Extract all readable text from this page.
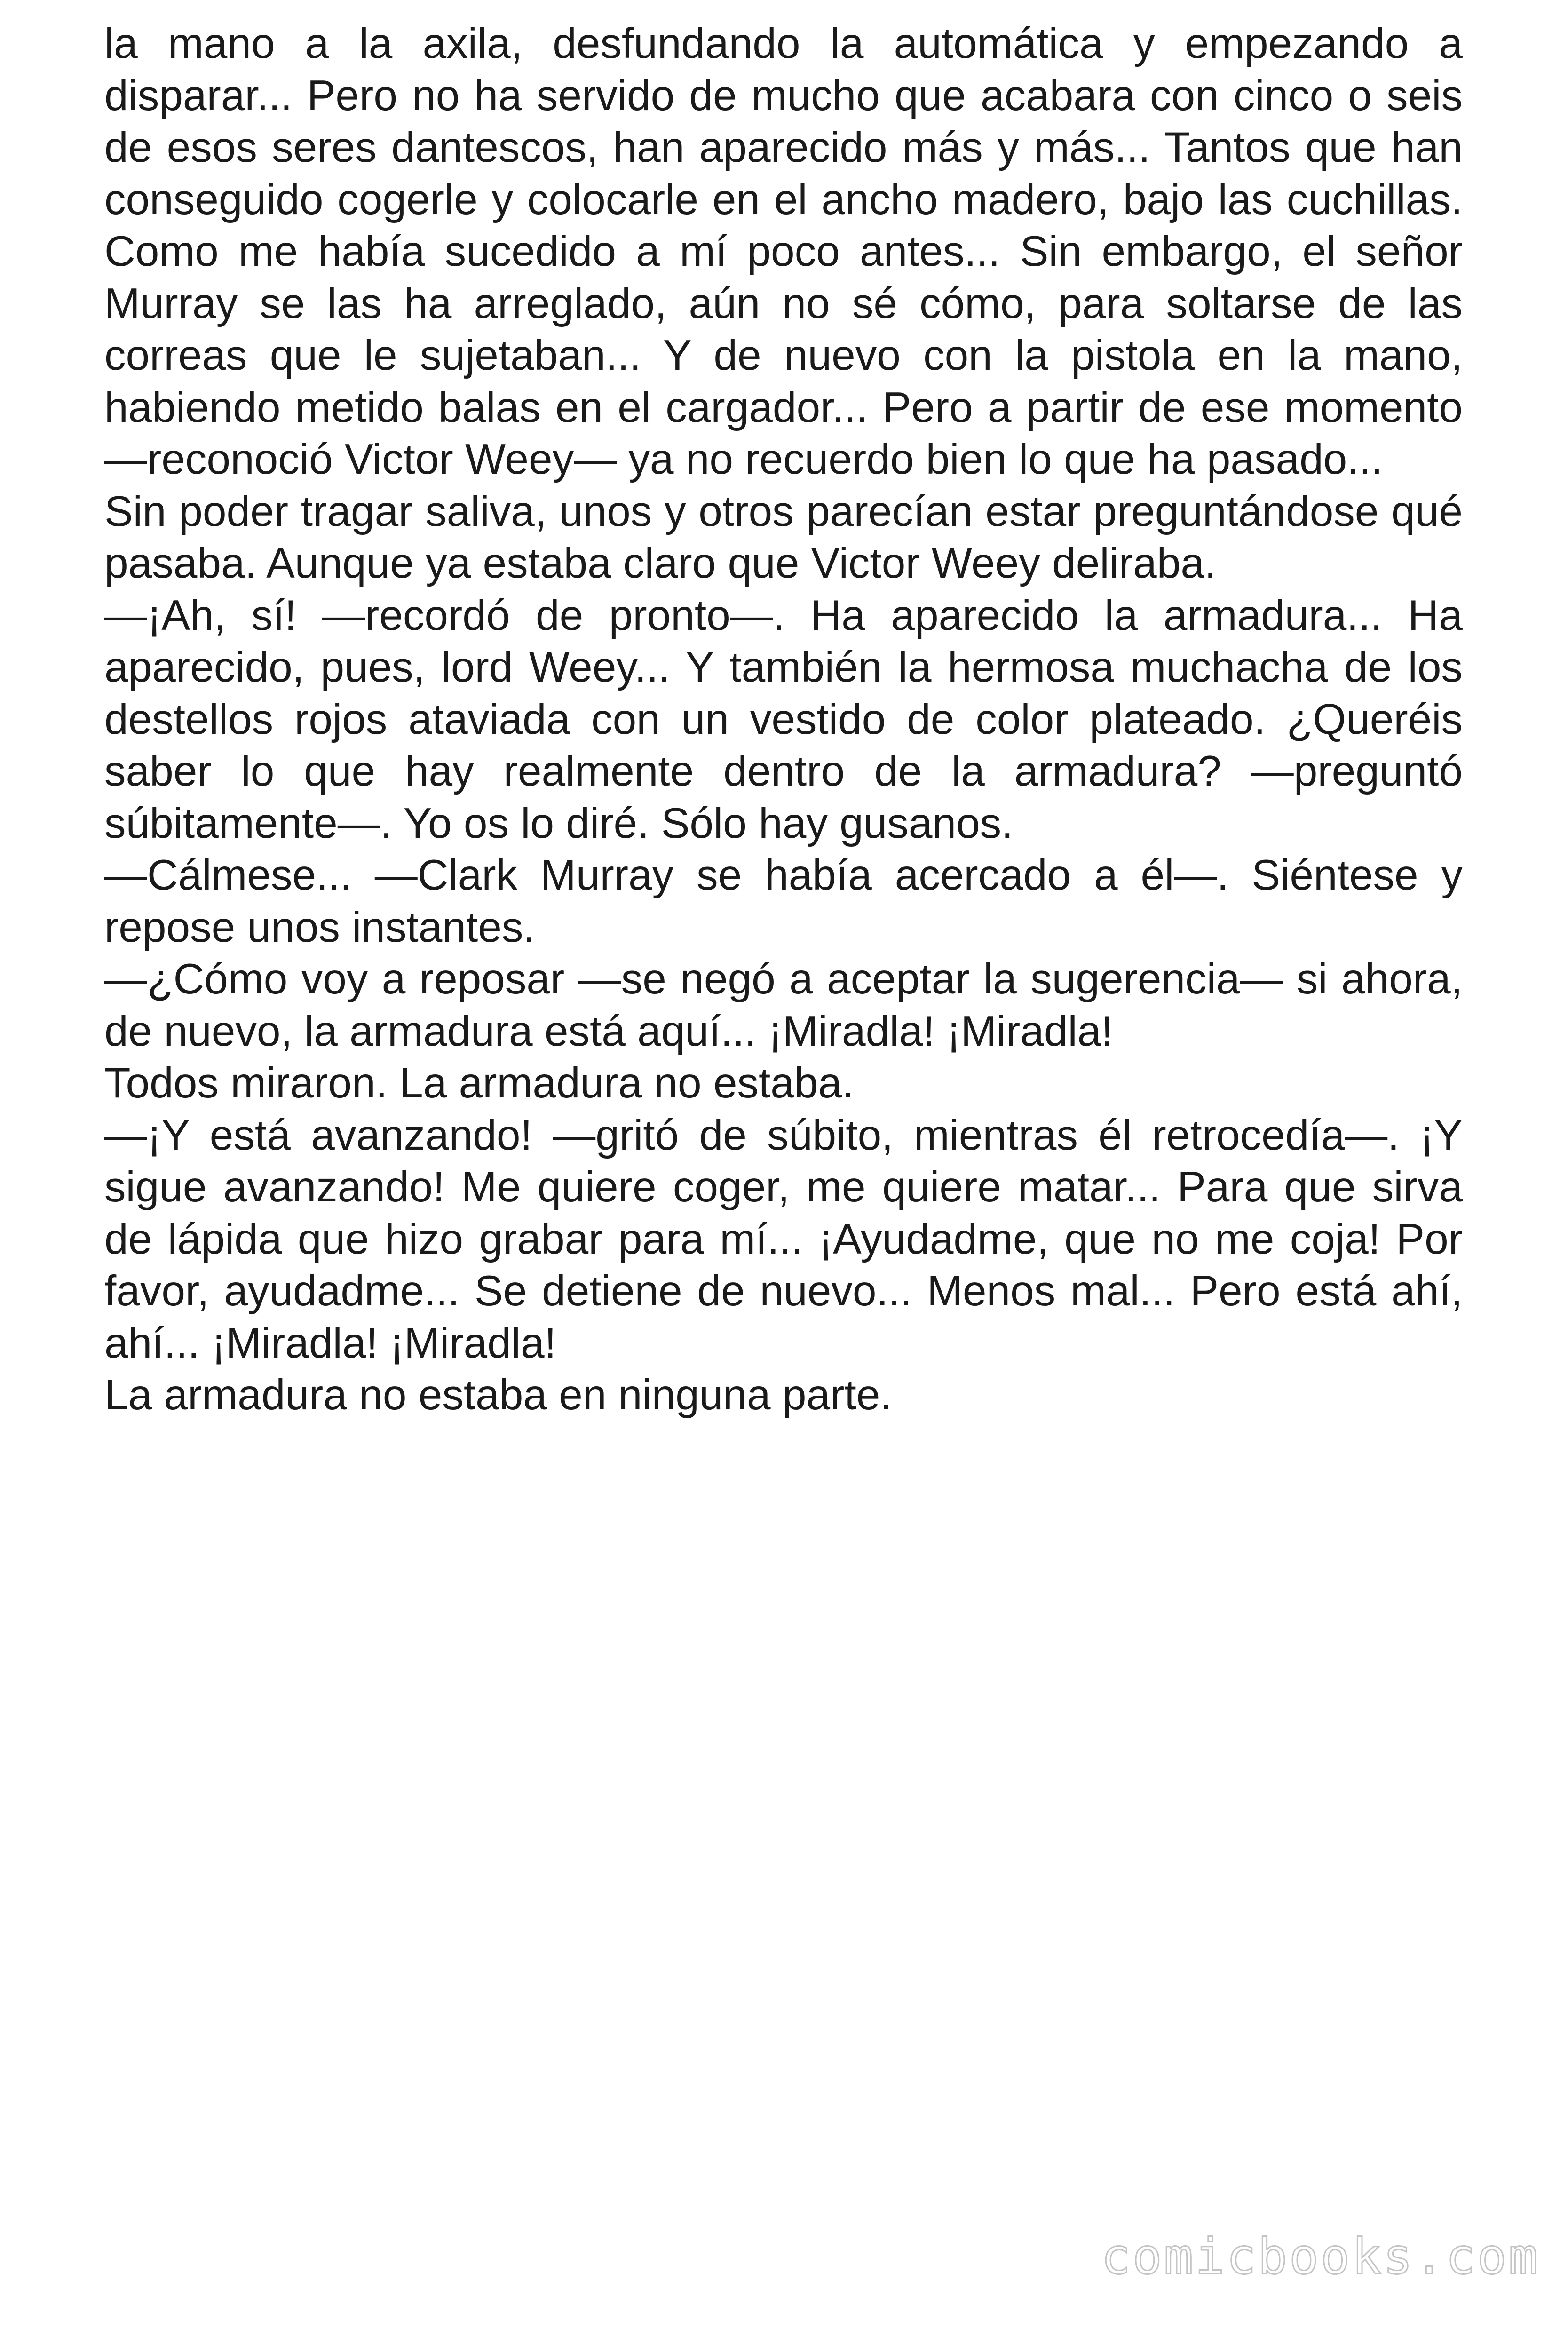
la mano a la axila, desfundando la automática y empezando a disparar... Pero no ha servido de mucho que acabara con cinco o seis de esos seres dantescos, han aparecido más y más... Tantos que han conseguido cogerle y colocarle en el ancho madero, bajo las cuchillas. Como me había sucedido a mí poco antes... Sin embargo, el señor Murray se las ha arreglado, aún no sé cómo, para soltarse de las correas que le sujetaban... Y de nuevo con la pistola en la mano, habiendo metido balas en el cargador... Pero a partir de ese momento —reconoció Victor Weey— ya no recuerdo bien lo que ha pasado...

Sin poder tragar saliva, unos y otros parecían estar preguntándose qué pasaba. Aunque ya estaba claro que Victor Weey deliraba.

—¡Ah, sí! —recordó de pronto—. Ha aparecido la armadura... Ha aparecido, pues, lord Weey... Y también la hermosa muchacha de los destellos rojos ataviada con un vestido de color plateado. ¿Queréis saber lo que hay realmente dentro de la armadura? —preguntó súbitamente—. Yo os lo diré. Sólo hay gusanos.

—Cálmese... —Clark Murray se había acercado a él—. Siéntese y repose unos instantes.

—¿Cómo voy a reposar —se negó a aceptar la sugerencia— si ahora, de nuevo, la armadura está aquí... ¡Miradla! ¡Miradla!

Todos miraron. La armadura no estaba.

—¡Y está avanzando! —gritó de súbito, mientras él retrocedía—. ¡Y sigue avanzando! Me quiere coger, me quiere matar... Para que sirva de lápida que hizo grabar para mí... ¡Ayudadme, que no me coja! Por favor, ayudadme... Se detiene de nuevo... Menos mal... Pero está ahí, ahí... ¡Miradla! ¡Miradla!

La armadura no estaba en ninguna parte.

comicbooks.com
